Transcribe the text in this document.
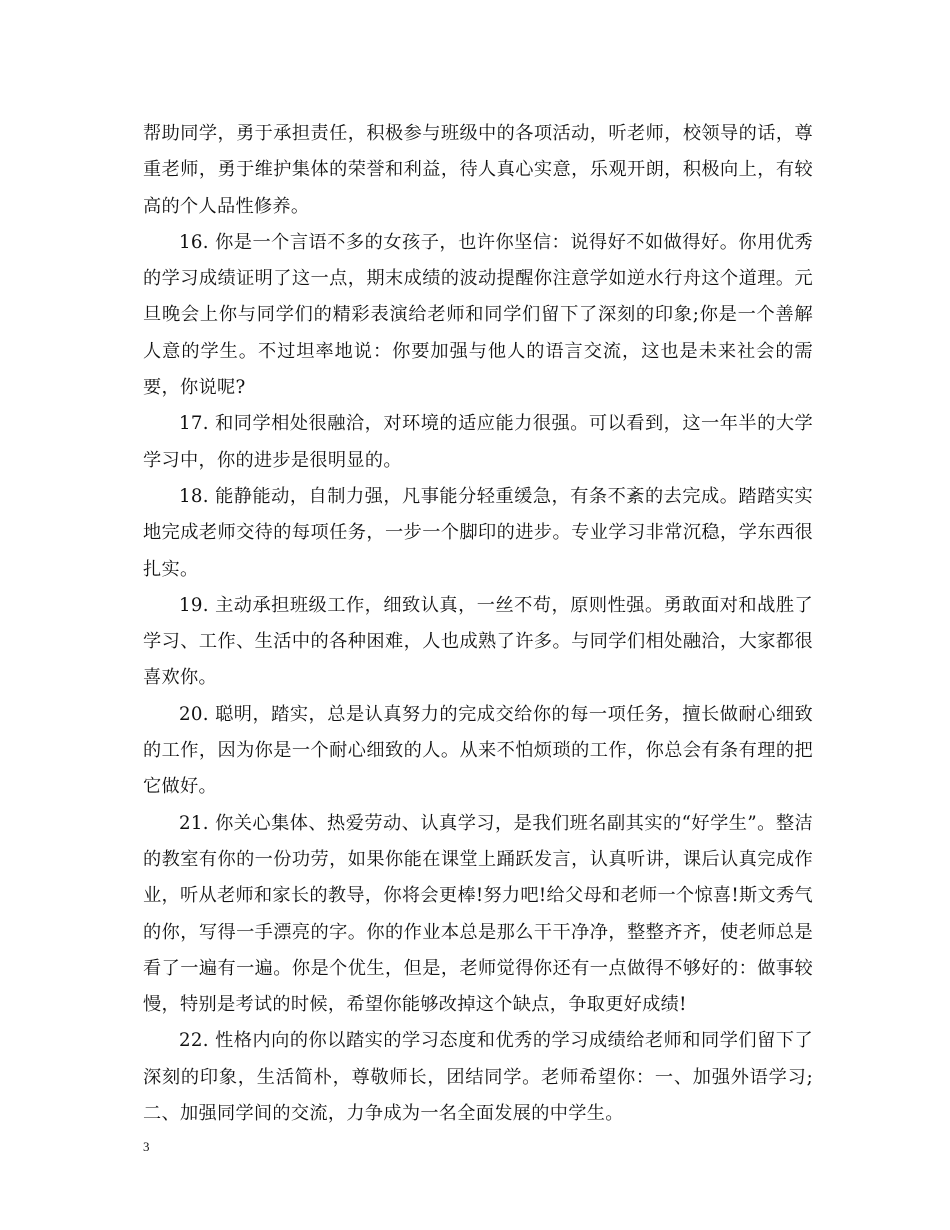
帮助同学，勇于承担责任，积极参与班级中的各项活动，听老师，校领导的话，尊重老师，勇于维护集体的荣誉和利益，待人真心实意，乐观开朗，积极向上，有较高的个人品性修养。

16. 你是一个言语不多的女孩子，也许你坚信：说得好不如做得好。你用优秀的学习成绩证明了这一点，期末成绩的波动提醒你注意学如逆水行舟这个道理。元旦晚会上你与同学们的精彩表演给老师和同学们留下了深刻的印象;你是一个善解人意的学生。不过坦率地说：你要加强与他人的语言交流，这也是未来社会的需要，你说呢?

17. 和同学相处很融洽，对环境的适应能力很强。可以看到，这一年半的大学学习中，你的进步是很明显的。

18. 能静能动，自制力强，凡事能分轻重缓急，有条不紊的去完成。踏踏实实地完成老师交待的每项任务，一步一个脚印的进步。专业学习非常沉稳，学东西很扎实。

19. 主动承担班级工作，细致认真，一丝不苟，原则性强。勇敢面对和战胜了学习、工作、生活中的各种困难，人也成熟了许多。与同学们相处融洽，大家都很喜欢你。

20. 聪明，踏实，总是认真努力的完成交给你的每一项任务，擅长做耐心细致的工作，因为你是一个耐心细致的人。从来不怕烦琐的工作，你总会有条有理的把它做好。

21. 你关心集体、热爱劳动、认真学习，是我们班名副其实的“好学生”。整洁的教室有你的一份功劳，如果你能在课堂上踊跃发言，认真听讲，课后认真完成作业，听从老师和家长的教导，你将会更棒!努力吧!给父母和老师一个惊喜!斯文秀气的你，写得一手漂亮的字。你的作业本总是那么干干净净，整整齐齐，使老师总是看了一遍有一遍。你是个优生，但是，老师觉得你还有一点做得不够好的：做事较慢，特别是考试的时候，希望你能够改掉这个缺点，争取更好成绩!

22. 性格内向的你以踏实的学习态度和优秀的学习成绩给老师和同学们留下了深刻的印象，生活简朴，尊敬师长，团结同学。老师希望你：一、加强外语学习;二、加强同学间的交流，力争成为一名全面发展的中学生。

3
